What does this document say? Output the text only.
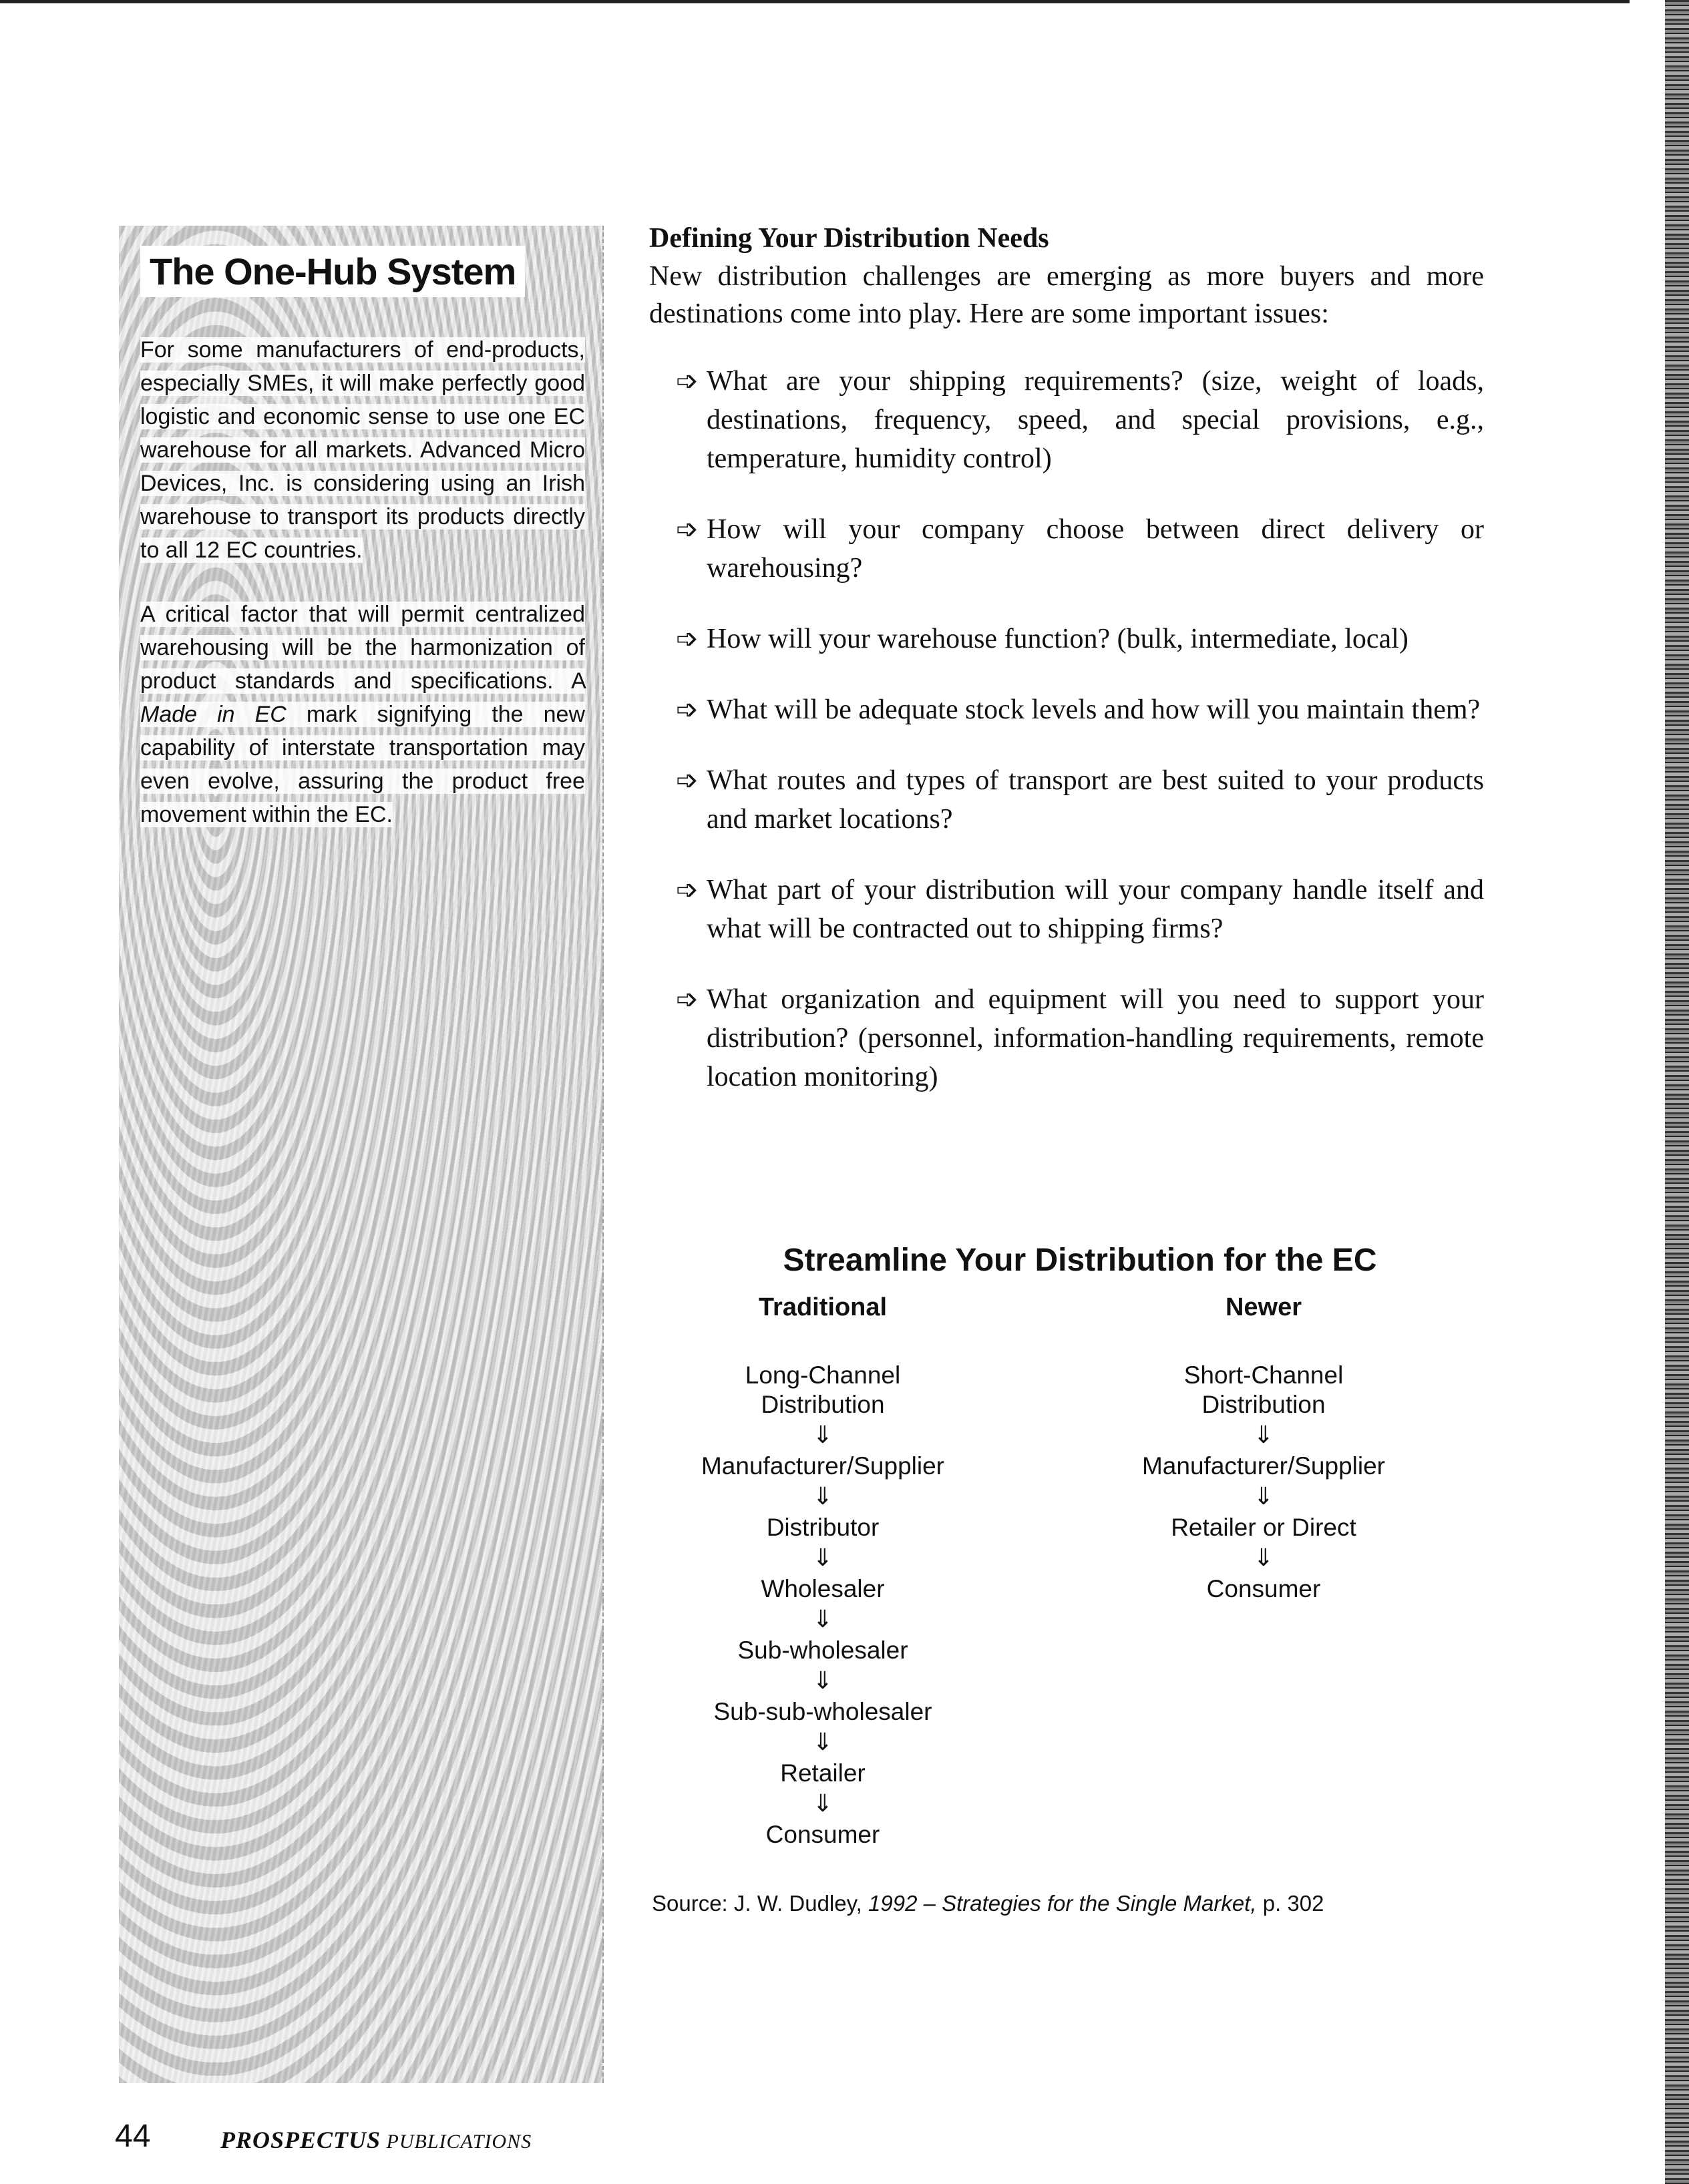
The One-Hub System

For some manufacturers of end-products, especially SMEs, it will make perfectly good logistic and economic sense to use one EC warehouse for all markets. Advanced Micro Devices, Inc. is considering using an Irish warehouse to transport its products directly to all 12 EC countries.

A critical factor that will permit centralized warehousing will be the harmonization of product standards and specifications. A Made in EC mark signifying the new capability of interstate transportation may even evolve, assuring the product free movement within the EC.

Defining Your Distribution Needs
New distribution challenges are emerging as more buyers and more destinations come into play. Here are some important issues:
➩ What are your shipping requirements? (size, weight of loads, destinations, frequency, speed, and special provisions, e.g., temperature, humidity control)
➩ How will your company choose between direct delivery or warehousing?
➩ How will your warehouse function? (bulk, intermediate, local)
➩ What will be adequate stock levels and how will you maintain them?
➩ What routes and types of transport are best suited to your products and market locations?
➩ What part of your distribution will your company handle itself and what will be contracted out to shipping firms?
➩ What organization and equipment will you need to support your distribution? (personnel, information-handling requirements, remote location monitoring)
Streamline Your Distribution for the EC
Traditional
Long-Channel Distribution
⇓
Manufacturer/Supplier
⇓
Distributor
⇓
Wholesaler
⇓
Sub-wholesaler
⇓
Sub-sub-wholesaler
⇓
Retailer
⇓
Consumer
Newer
Short-Channel Distribution
⇓
Manufacturer/Supplier
⇓
Retailer or Direct
⇓
Consumer
Source: J. W. Dudley, 1992 – Strategies for the Single Market, p. 302
44	PROSPECTUS PUBLICATIONS
